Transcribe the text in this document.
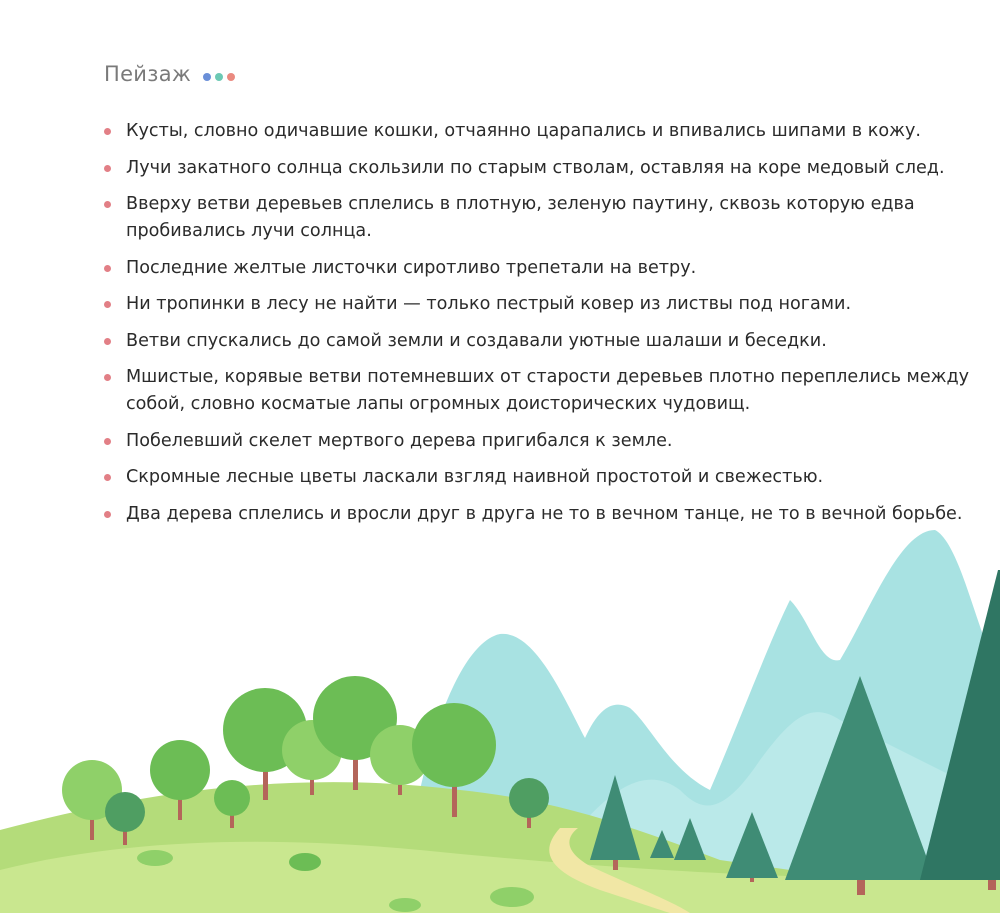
Пейзаж
Кусты, словно одичавшие кошки, отчаянно царапались и впивались шипами в кожу.
Лучи закатного солнца скользили по старым стволам, оставляя на коре медовый след.
Вверху ветви деревьев сплелись в плотную, зеленую паутину, сквозь которую едва пробивались лучи солнца.
Последние желтые листочки сиротливо трепетали на ветру.
Ни тропинки в лесу не найти — только пестрый ковер из листвы под ногами.
Ветви спускались до самой земли и создавали уютные шалаши и беседки.
Мшистые, корявые ветви потемневших от старости деревьев плотно переплелись между собой, словно косматые лапы огромных доисторических чудовищ.
Побелевший скелет мертвого дерева пригибался к земле.
Скромные лесные цветы ласкали взгляд наивной простотой и свежестью.
Два дерева сплелись и вросли друг в друга не то в вечном танце, не то в вечной борьбе.
